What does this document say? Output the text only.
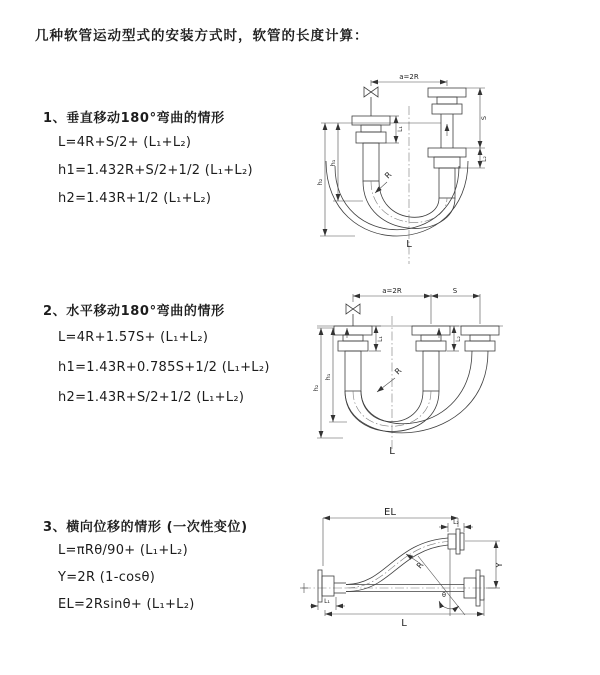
几种软管运动型式的安装方式时，软管的长度计算：
1、垂直移动180°弯曲的情形
L=4R+S/2+ (L₁+L₂)
h1=1.432R+S/2+1/2 (L₁+L₂)
h2=1.43R+1/2 (L₁+L₂)
2、水平移动180°弯曲的情形
L=4R+1.57S+ (L₁+L₂)
h1=1.43R+0.785S+1/2 (L₁+L₂)
h2=1.43R+S/2+1/2 (L₁+L₂)
3、横向位移的情形 (一次性变位)
L=πRθ/90+ (L₁+L₂)
Y=2R (1-cosθ)
EL=2Rsinθ+ (L₁+L₂)
a=2R
h₁
h₂
L₁
S
L₂
R
L
a=2R	S
h₁
h₂
L₁	L₂
R
L
EL
L₂
Y
θ
R
L₁
L
